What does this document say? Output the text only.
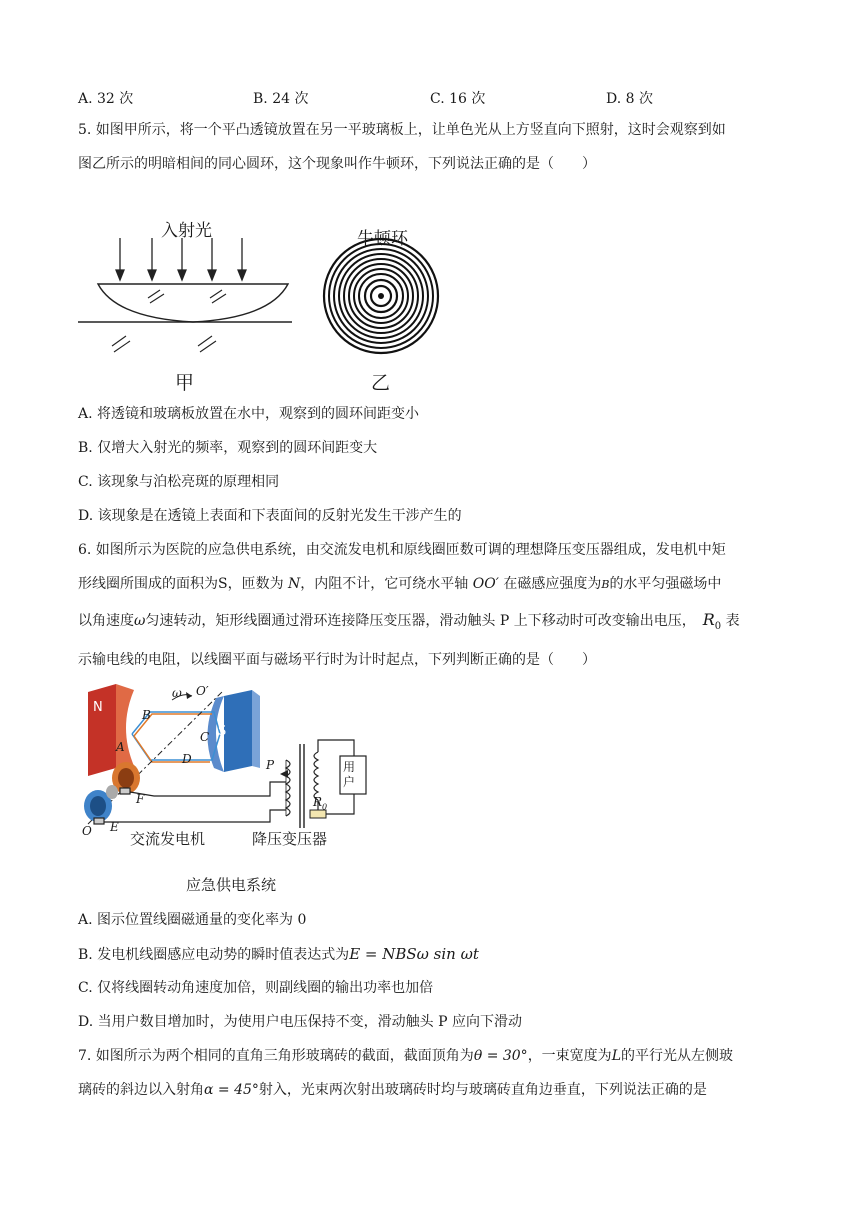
A. 32 次	B. 24 次	C. 16 次	D. 8 次
5. 如图甲所示，将一个平凸透镜放置在另一平玻璃板上，让单色光从上方竖直向下照射，这时会观察到如
图乙所示的明暗相间的同心圆环，这个现象叫作牛顿环，下列说法正确的是（　　）
入射光	牛顿环
甲	乙
A. 将透镜和玻璃板放置在水中，观察到的圆环间距变小
B. 仅增大入射光的频率，观察到的圆环间距变大
C. 该现象与泊松亮斑的原理相同
D. 该现象是在透镜上表面和下表面间的反射光发生干涉产生的
6. 如图所示为医院的应急供电系统，由交流发电机和原线圈匝数可调的理想降压变压器组成，发电机中矩
形线圈所围成的面积为S，匝数为 N，内阻不计，它可绕水平轴 OO′ 在磁感应强度为B的水平匀强磁场中
以角速度ω匀速转动，矩形线圈通过滑环连接降压变压器，滑动触头 P 上下移动时可改变输出电压，　 $R_0$ 表
示输电线的电阻，以线圈平面与磁场平行时为计时起点，下列判断正确的是（　　）
N
S
B
A
C
D
ω O′
F
E
O
P	用户
$R_0$
交流发电机	降压变压器
应急供电系统
A. 图示位置线圈磁通量的变化率为 0
B. 发电机线圈感应电动势的瞬时值表达式为E = NBSω sin ωt
C. 仅将线圈转动角速度加倍，则副线圈的输出功率也加倍
D. 当用户数目增加时，为使用户电压保持不变，滑动触头 P 应向下滑动
7. 如图所示为两个相同的直角三角形玻璃砖的截面，截面顶角为θ = 30°，一束宽度为L的平行光从左侧玻
璃砖的斜边以入射角α = 45°射入，光束两次射出玻璃砖时均与玻璃砖直角边垂直，下列说法正确的是
